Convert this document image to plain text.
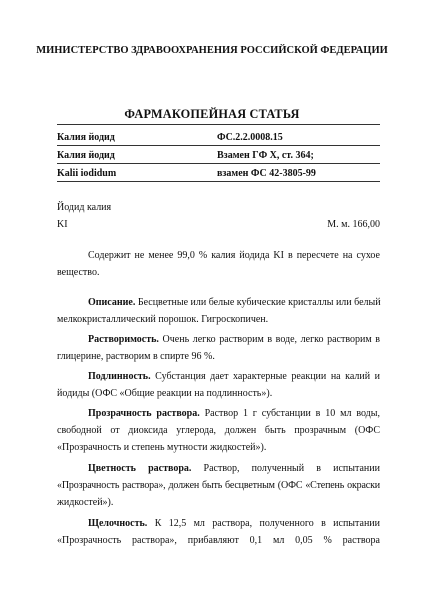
МИНИСТЕРСТВО ЗДРАВООХРАНЕНИЯ РОССИЙСКОЙ ФЕДЕРАЦИИ
ФАРМАКОПЕЙНАЯ СТАТЬЯ
Калия йодид	ФС.2.2.0008.15
Калия йодид	Взамен ГФ X, ст. 364;
Kalii iodidum	взамен ФС 42-3805-99
Йодид калия
KI	М. м. 166,00
Содержит не менее 99,0 % калия йодида KI в пересчете на сухое
вещество.
Описание. Бесцветные или белые кубические кристаллы или белый
мелкокристаллический порошок. Гигроскопичен.
Растворимость. Очень легко растворим в воде, легко растворим в
глицерине, растворим в спирте 96 %.
Подлинность. Субстанция дает характерные реакции на калий и
йодиды (ОФС «Общие реакции на подлинность»).
Прозрачность раствора. Раствор 1 г субстанции в 10 мл воды,
свободной от диоксида углерода, должен быть прозрачным (ОФС
«Прозрачность и степень мутности жидкостей»).
Цветность раствора. Раствор, полученный в испытании
«Прозрачность раствора», должен быть бесцветным (ОФС «Степень окраски
жидкостей»).
Щелочность. К 12,5 мл раствора, полученного в испытании
«Прозрачность раствора», прибавляют 0,1 мл 0,05 % раствора
